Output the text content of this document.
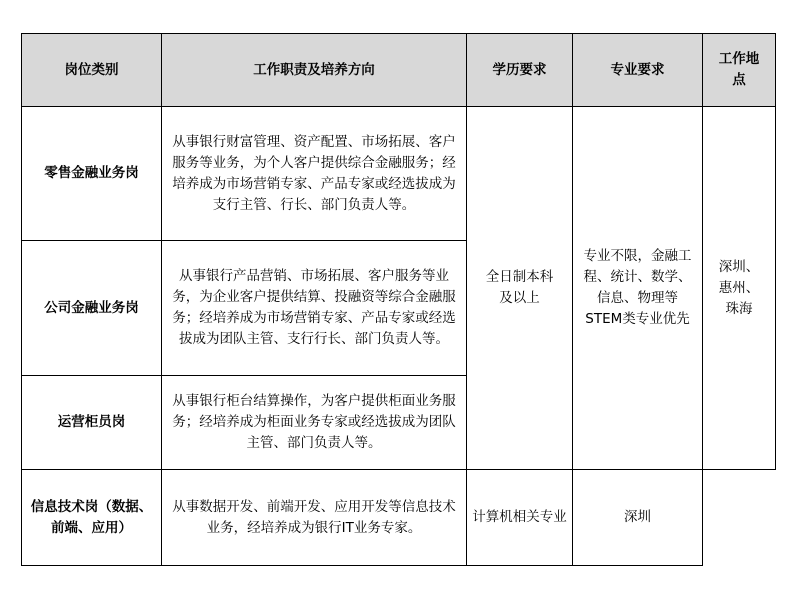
岗位类别	工作职责及培养方向	学历要求	专业要求	工作地点
零售金融业务岗	从事银行财富管理、资产配置、市场拓展、客户服务等业务，为个人客户提供综合金融服务；经培养成为市场营销专家、产品专家或经选拔成为支行主管、行长、部门负责人等。	全日制本科及以上	专业不限，金融工程、统计、数学、信息、物理等STEM类专业优先	深圳、惠州、珠海
公司金融业务岗	从事银行产品营销、市场拓展、客户服务等业务，为企业客户提供结算、投融资等综合金融服务；经培养成为市场营销专家、产品专家或经选拔成为团队主管、支行行长、部门负责人等。			
运营柜员岗	从事银行柜台结算操作，为客户提供柜面业务服务；经培养成为柜面业务专家或经选拔成为团队主管、部门负责人等。			
信息技术岗（数据、前端、应用）	从事数据开发、前端开发、应用开发等信息技术业务，经培养成为银行IT业务专家。	计算机相关专业	深圳	
